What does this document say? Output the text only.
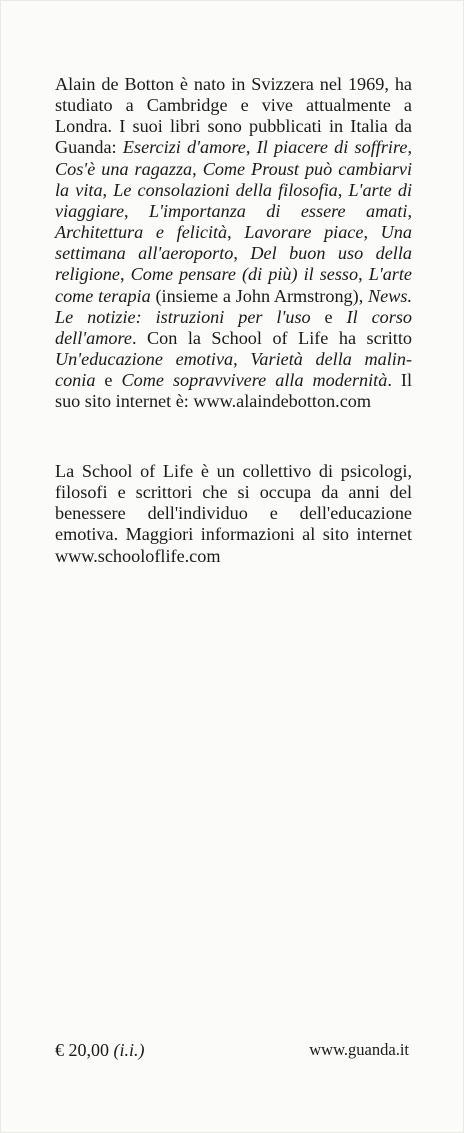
Alain de Botton è nato in Svizzera nel 1969, ha studiato a Cambridge e vive attualmente a Londra. I suoi libri sono pubblicati in Italia da Guanda: Esercizi d'amore, Il piacere di soffrire, Cos'è una ragazza, Come Proust può cambiarvi la vita, Le consolazioni della filosofia, L'arte di viaggiare, L'importanza di essere amati, Architettura e felicità, Lavorare piace, Una settimana all'aeroporto, Del buon uso della religione, Come pensare (di più) il sesso, L'arte come terapia (insieme a John Armstrong), News. Le notizie: istruzioni per l'uso e Il corso dell'amore. Con la School of Life ha scritto Un'educazione emotiva, Varietà della malinconia e Come sopravvivere alla modernità. Il suo sito internet è: www.alaindebotton.com

La School of Life è un collettivo di psicologi, filosofi e scrittori che si occupa da anni del benessere dell'individuo e dell'educazione emotiva. Maggiori informazioni al sito internet www.schooloflife.com

€ 20,00 (i.i.)	www.guanda.it
